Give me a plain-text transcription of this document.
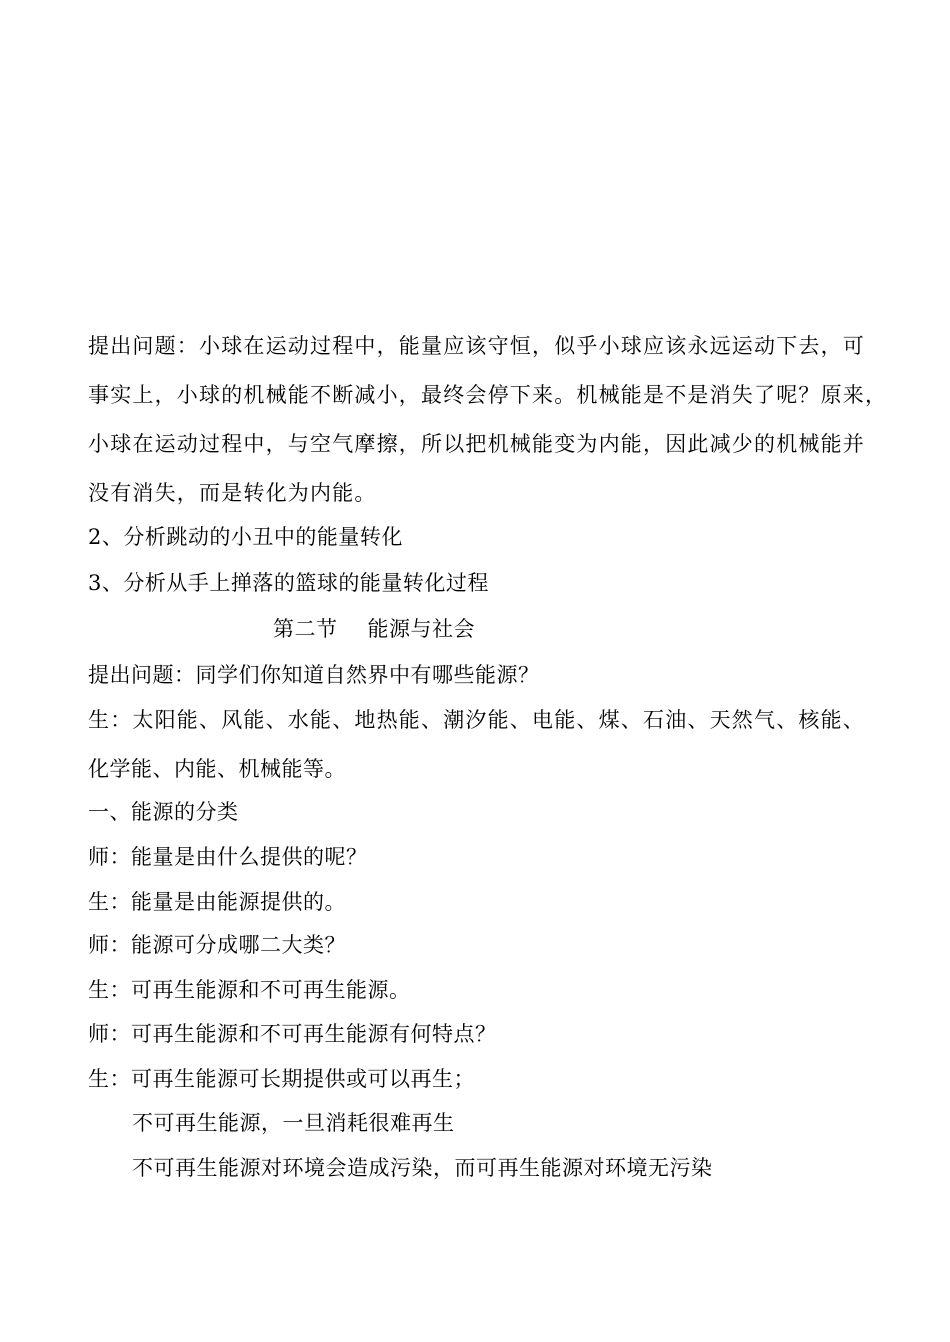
提出问题：小球在运动过程中，能量应该守恒，似乎小球应该永远运动下去，可
事实上，小球的机械能不断减小，最终会停下来。机械能是不是消失了呢？原来，
小球在运动过程中，与空气摩擦，所以把机械能变为内能，因此减少的机械能并
没有消失，而是转化为内能。
2、分析跳动的小丑中的能量转化
3、分析从手上掸落的篮球的能量转化过程
第二节 能源与社会
提出问题：同学们你知道自然界中有哪些能源？
生：太阳能、风能、水能、地热能、潮汐能、电能、煤、石油、天然气、核能、
化学能、内能、机械能等。
一、能源的分类
师：能量是由什么提供的呢？
生：能量是由能源提供的。
师：能源可分成哪二大类？
生：可再生能源和不可再生能源。
师：可再生能源和不可再生能源有何特点？
生：可再生能源可长期提供或可以再生；
不可再生能源，一旦消耗很难再生
不可再生能源对环境会造成污染，而可再生能源对环境无污染
